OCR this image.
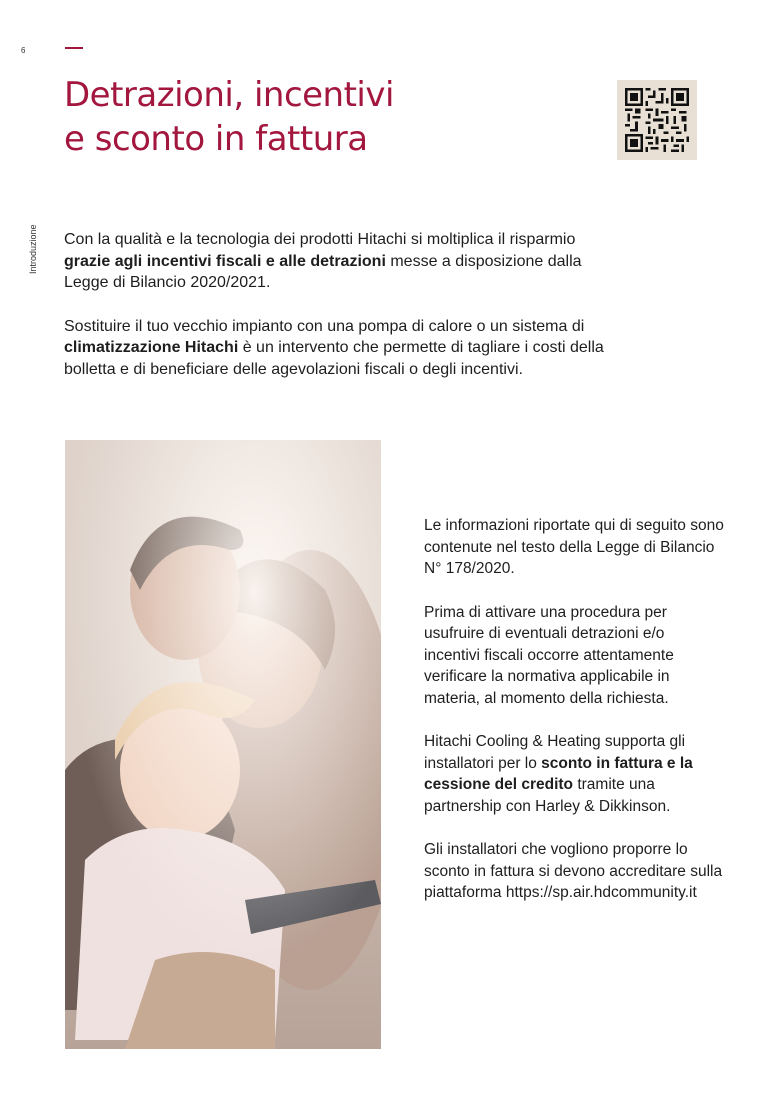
6
Introduzione
Detrazioni, incentivi
e sconto in fattura

Con la qualità e la tecnologia dei prodotti Hitachi si moltiplica il risparmio grazie agli incentivi fiscali e alle detrazioni messe a disposizione dalla Legge di Bilancio 2020/2021.

Sostituire il tuo vecchio impianto con una pompa di calore o un sistema di climatizzazione Hitachi è un intervento che permette di tagliare i costi della bolletta e di beneficiare delle agevolazioni fiscali o degli incentivi.

Le informazioni riportate qui di seguito sono contenute nel testo della Legge di Bilancio N° 178/2020.

Prima di attivare una procedura per usufruire di eventuali detrazioni e/o incentivi fiscali occorre attentamente verificare la normativa applicabile in materia, al momento della richiesta.

Hitachi Cooling & Heating supporta gli installatori per lo sconto in fattura e la cessione del credito tramite una partnership con Harley & Dikkinson.

Gli installatori che vogliono proporre lo sconto in fattura si devono accreditare sulla piattaforma https://sp.air.hdcommunity.it
